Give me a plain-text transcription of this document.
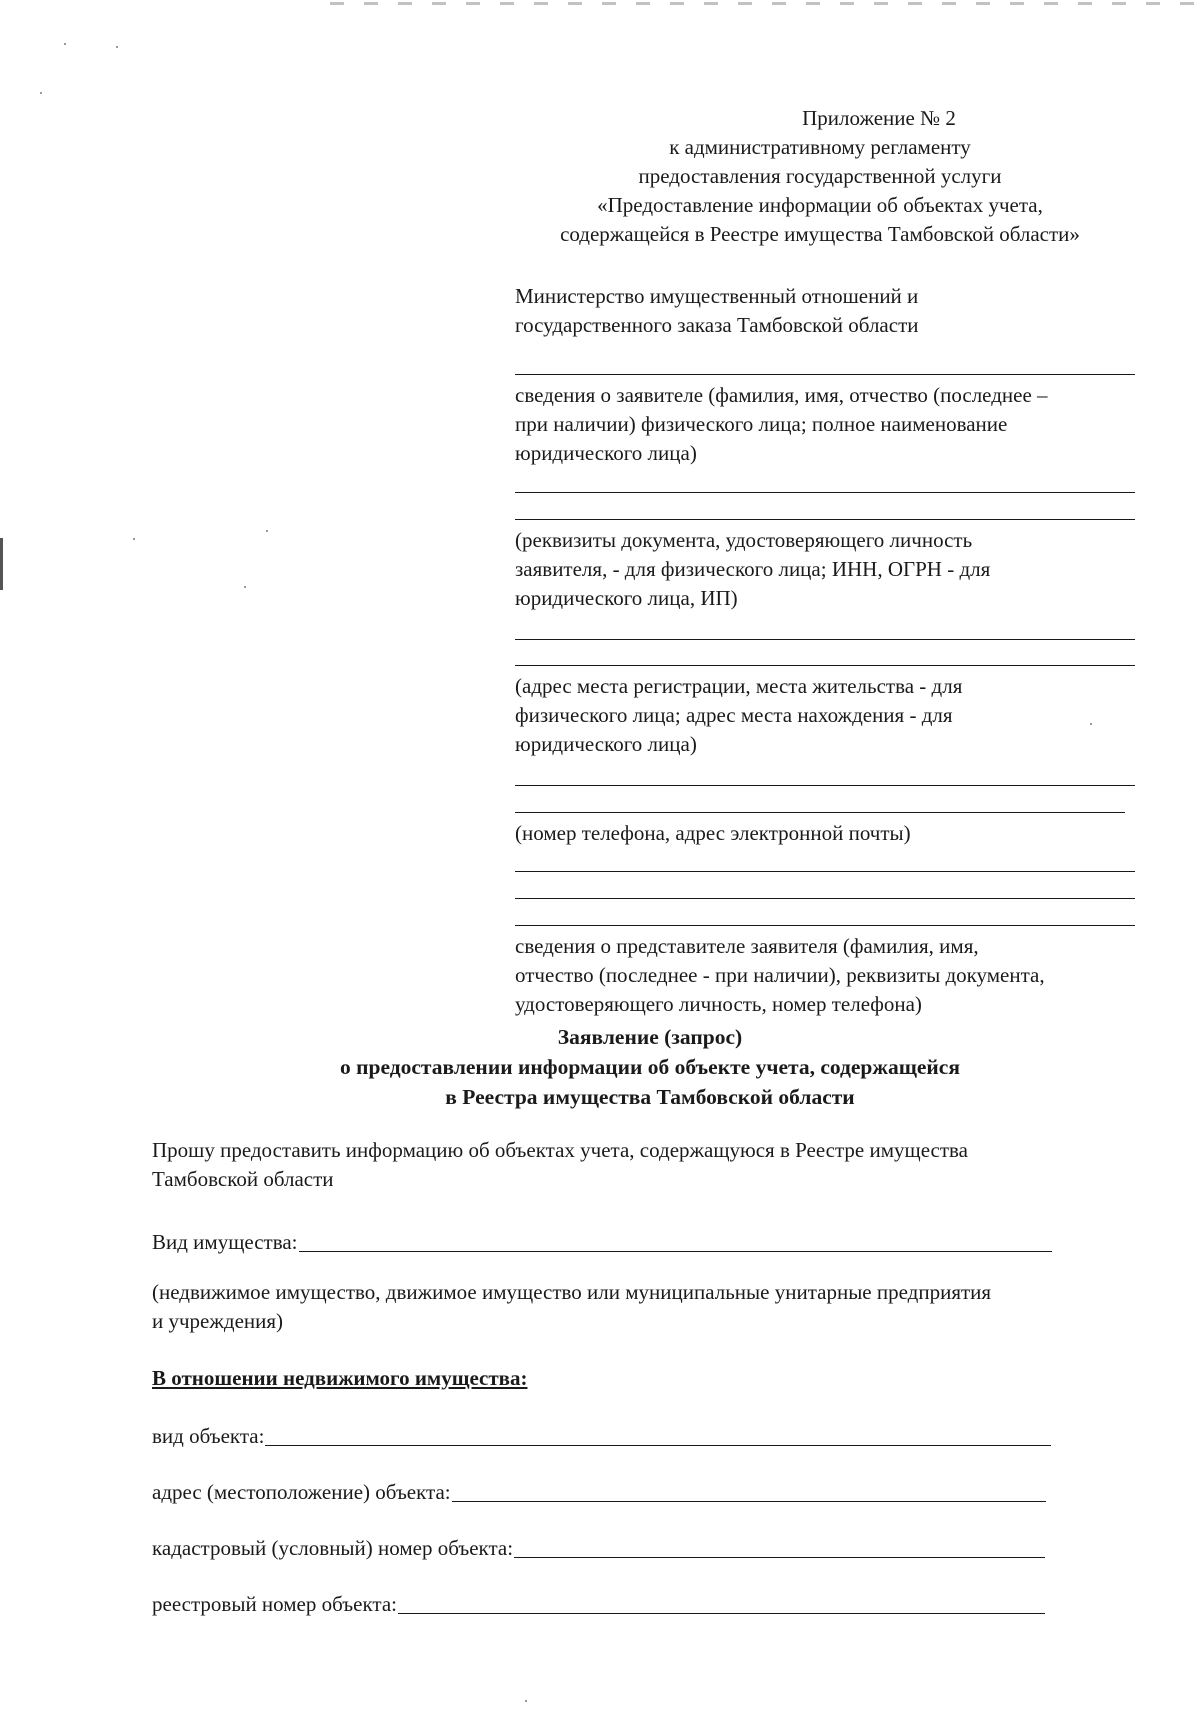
Приложение № 2
к административному регламенту
предоставления государственной услуги
«Предоставление информации об объектах учета,
содержащейся в Реестре имущества Тамбовской области»
Министерство имущественный отношений и
государственного заказа Тамбовской области
сведения о заявителе (фамилия, имя, отчество (последнее –
при наличии) физического лица; полное наименование
юридического лица)
(реквизиты документа, удостоверяющего личность
заявителя, - для физического лица; ИНН, ОГРН - для
юридического лица, ИП)
(адрес места регистрации, места жительства - для
физического лица; адрес места нахождения - для
юридического лица)
(номер телефона, адрес электронной почты)
сведения о представителе заявителя (фамилия, имя,
отчество (последнее - при наличии), реквизиты документа,
удостоверяющего личность, номер телефона)
Заявление (запрос)
о предоставлении информации об объекте учета, содержащейся
в Реестра имущества Тамбовской области
Прошу предоставить информацию об объектах учета, содержащуюся в Реестре имущества
Тамбовской области
Вид имущества:
(недвижимое имущество, движимое имущество или муниципальные унитарные предприятия
и учреждения)
В отношении недвижимого имущества:
вид объекта:
адрес (местоположение) объекта:
кадастровый (условный) номер объекта:
реестровый номер объекта:
